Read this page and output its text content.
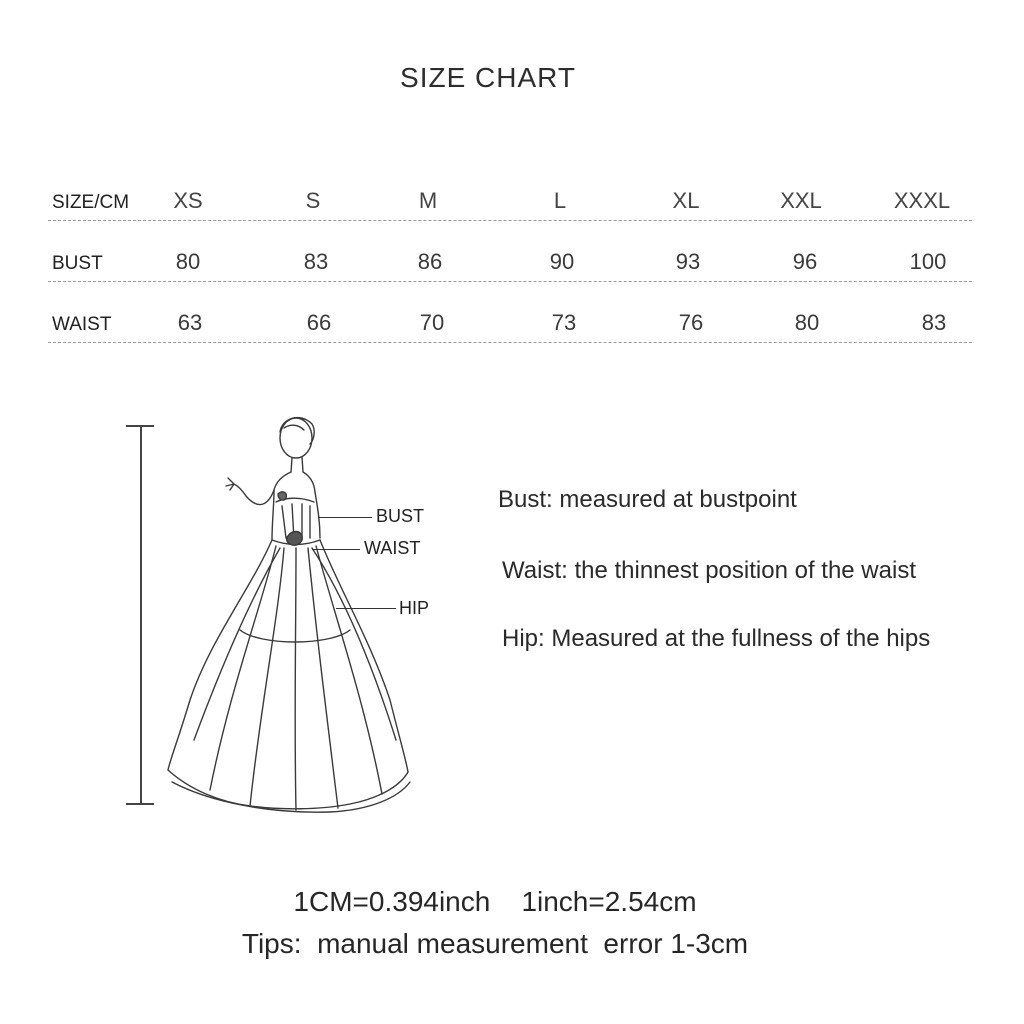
SIZE CHART
SIZE/CM XS	S	M	L	XL	XXL	XXXL
BUST	80	83	86	90	93	96	100
WAIST	63	66	70	73	76	80	83
BUST
WAIST
HIP
Bust: measured at bustpoint
Waist: the thinnest position of the waist
Hip: Measured at the fullness of the hips
1CM=0.394inch    1inch=2.54cm
Tips:  manual measurement  error 1-3cm
